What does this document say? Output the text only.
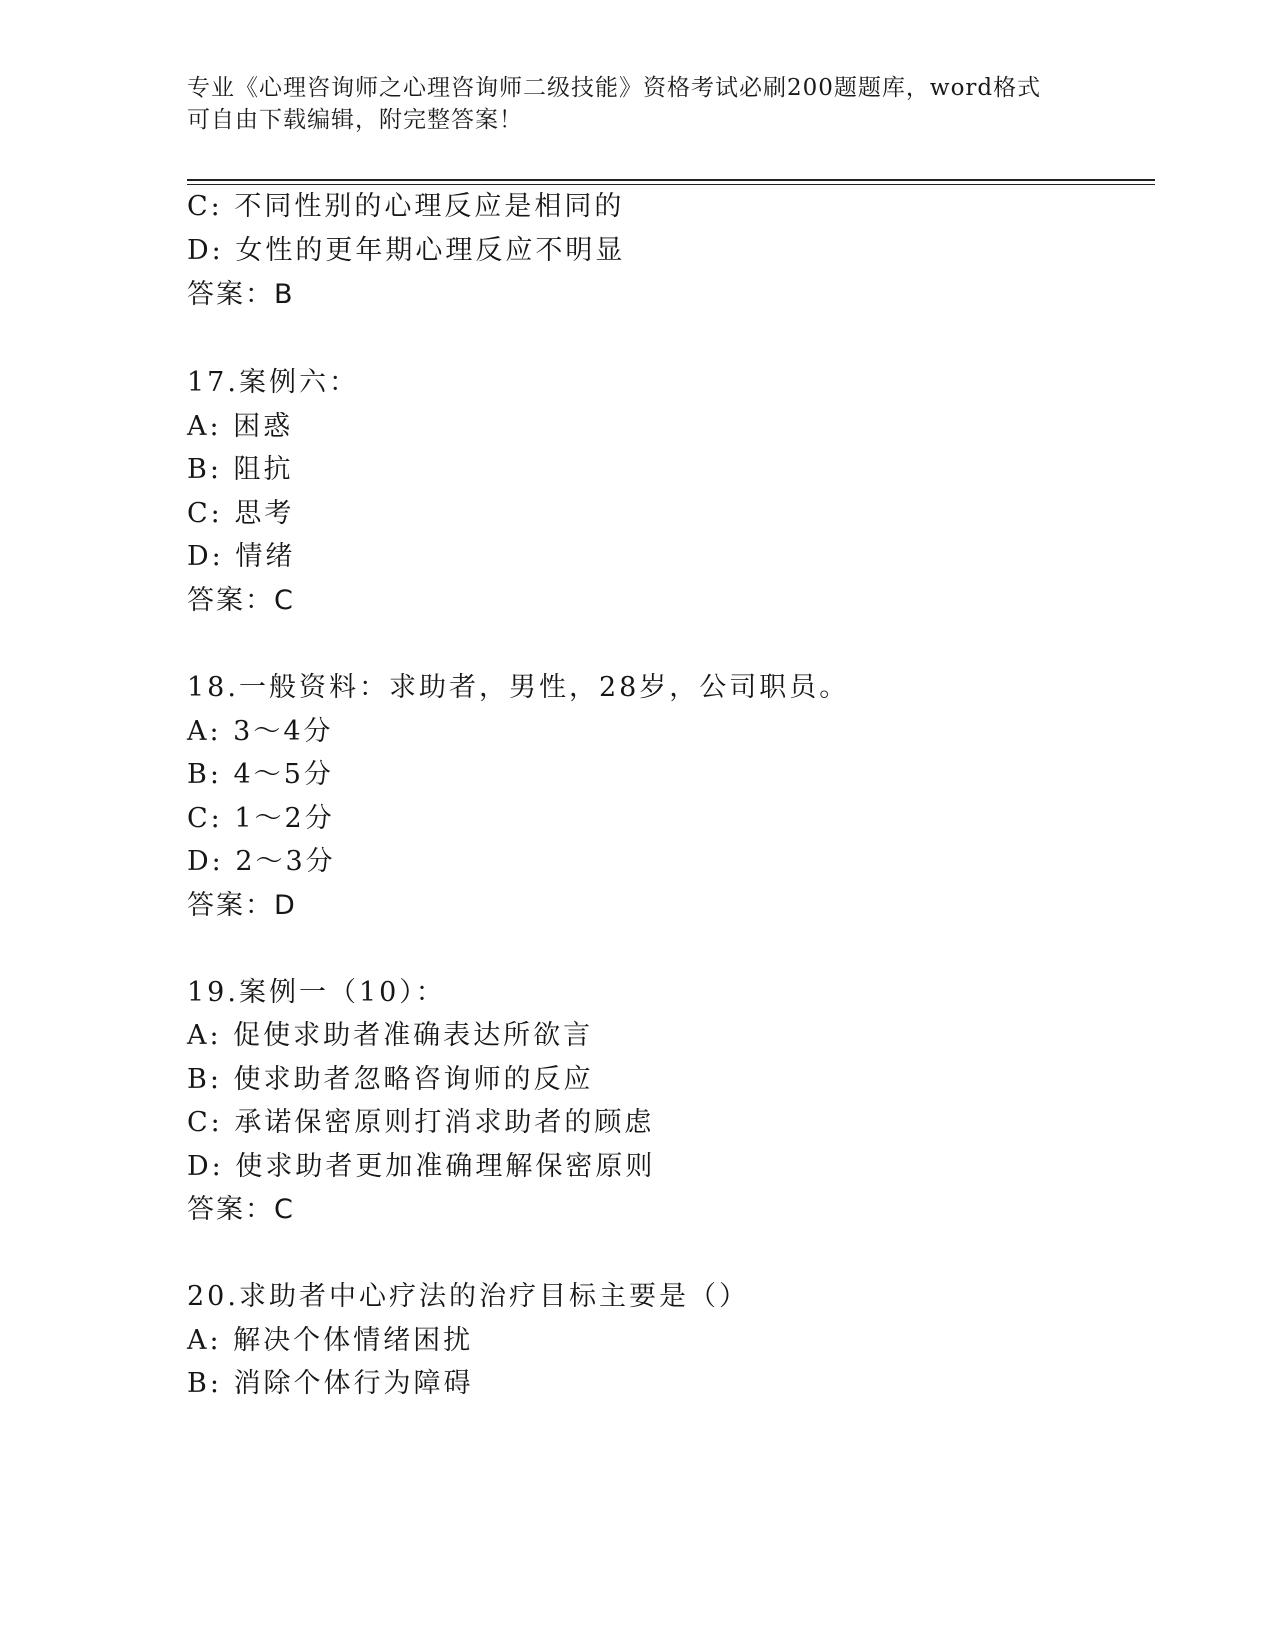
专业《心理咨询师之心理咨询师二级技能》资格考试必刷200题题库，word格式
可自由下载编辑，附完整答案！
C: 不同性别的心理反应是相同的
D: 女性的更年期心理反应不明显
答案：B
17.案例六：
A: 困惑
B: 阻抗
C: 思考
D: 情绪
答案：C
18.一般资料：求助者，男性，28岁，公司职员。
A: 3～4分
B: 4～5分
C: 1～2分
D: 2～3分
答案：D
19.案例一（10）：
A: 促使求助者准确表达所欲言
B: 使求助者忽略咨询师的反应
C: 承诺保密原则打消求助者的顾虑
D: 使求助者更加准确理解保密原则
答案：C
20.求助者中心疗法的治疗目标主要是（）
A: 解决个体情绪困扰
B: 消除个体行为障碍
